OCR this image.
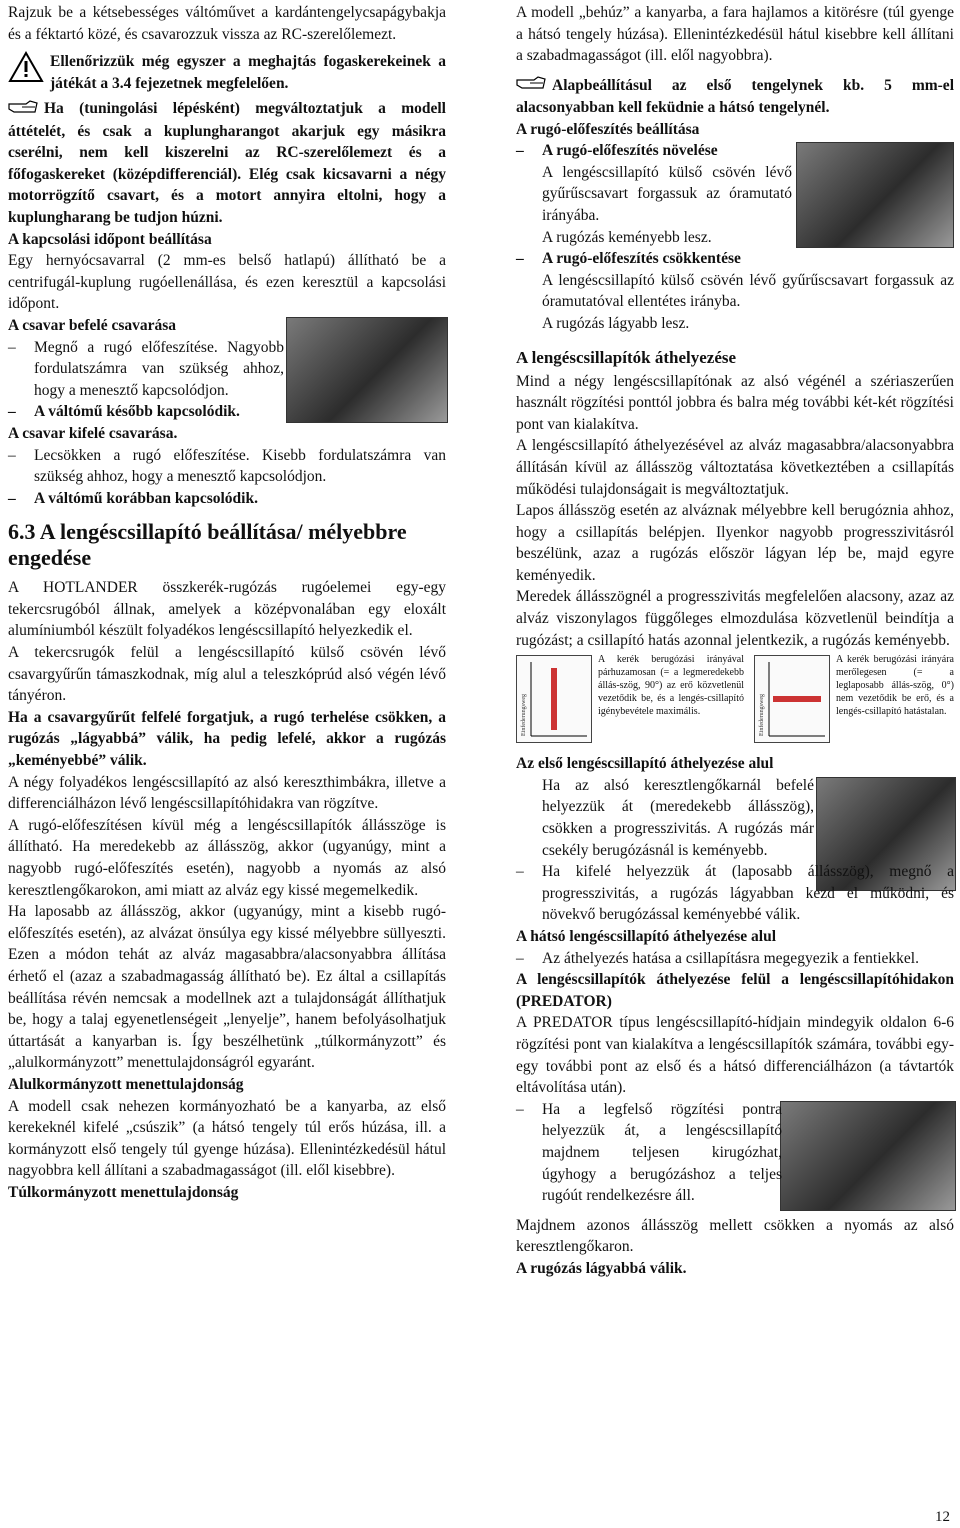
Rajzuk be a kétsebességes váltóművet a kardántengelycsapágybakja és a féktartó közé, és csavarozzuk vissza az RC-szerelőlemezt.

Ellenőrizzük még egyszer a meghajtás fogaskerekeinek a játékát a 3.4 fejezetnek megfelelően.

Ha (tuningolási lépésként) megváltoztatjuk a modell áttételét, és csak a kuplungharangot akarjuk egy másikra cserélni, nem kell kiszerelni az RC-szerelőlemezt és a főfogaskereket (középdifferenciál). Elég csak kicsavarni a négy motorrögzítő csavart, és a motort annyira eltolni, hogy a kuplungharang be tudjon húzni.

A kapcsolási időpont beállítása

Egy hernyócsavarral (2 mm-es belső hatlapú) állítható be a centrifugál-kuplung rugóellenállása, és ezen keresztül a kapcsolási időpont.

A csavar befelé csavarása

– Megnő a rugó előfeszítése. Nagyobb fordulatszámra van szükség ahhoz, hogy a menesztő kapcsolódjon.

– A váltómű később kapcsolódik.

A csavar kifelé csavarása.

– Lecsökken a rugó előfeszítése. Kisebb fordulatszámra van szükség ahhoz, hogy a menesztő kapcsolódjon.

– A váltómű korábban kapcsolódik.

6.3 A lengéscsillapító beállítása/ mélyebbre engedése

A HOTLANDER összkerék-rugózás rugóelemei egy-egy tekercsrugóból állnak, amelyek a középvonalában egy eloxált alumíniumból készült folyadékos lengéscsillapító helyezkedik el.

A tekercsrugók felül a lengéscsillapító külső csövén lévő csavargyűrűn támaszkodnak, míg alul a teleszkóprúd alsó végén lévő tányéron.

Ha a csavargyűrűt felfelé forgatjuk, a rugó terhelése csökken, a rugózás „lágyabbá” válik, ha pedig lefelé, akkor a rugózás „keményebbé” válik.

A négy folyadékos lengéscsillapító az alsó kereszthimbákra, illetve a differenciálházon lévő lengéscsillapítóhidakra van rögzítve.

A rugó-előfeszítésen kívül még a lengéscsillapítók állásszöge is állítható. Ha meredekebb az állásszög, akkor (ugyanúgy, mint a nagyobb rugó-előfeszítés esetén), nagyobb a nyomás az alsó keresztlengőkarokon, ami miatt az alváz egy kissé megemelkedik.

Ha laposabb az állásszög, akkor (ugyanúgy, mint a kisebb rugó-előfeszítés esetén), az alvázat önsúlya egy kissé mélyebbre süllyeszti. Ezen a módon tehát az alváz magasabbra/alacsonyabbra állítása érhető el (azaz a szabadmagasság állítható be). Ez által a csillapítás beállítása révén nemcsak a modellnek azt a tulajdonságát állíthatjuk be, hogy a talaj egyenetlenségeit „lenyelje”, hanem befolyásolhatjuk úttartását a kanyarban is. Így beszélhetünk „túlkormányzott” és „alulkormányzott” menettulajdonságról egyaránt.

Alulkormányzott menettulajdonság

A modell csak nehezen kormányozható be a kanyarba, az első kerekeknél kifelé „csúszik” (a hátsó tengely túl erős húzása, ill. a kormányzott első tengely túl gyenge húzása). Ellenintézkedésül hátul nagyobbra kell állítani a szabadmagasságot (ill. elől kisebbre).

Túlkormányzott menettulajdonság

A modell „behúz” a kanyarba, a fara hajlamos a kitörésre (túl gyenge a hátsó tengely húzása). Ellenintézkedésül hátul kisebbre kell állítani a szabadmagasságot (ill. elől nagyobbra).

Alapbeállításul az első tengelynek kb. 5 mm-el alacsonyabban kell feküdnie a hátsó tengelynél.

A rugó-előfeszítés beállítása

– A rugó-előfeszítés növelése

A lengéscsillapító külső csövén lévő gyűrűscsavart forgassuk az óramutató irányába.

A rugózás keményebb lesz.

– A rugó-előfeszítés csökkentése

A lengéscsillapító külső csövén lévő gyűrűscsavart forgassuk az óramutatóval ellentétes irányba.

A rugózás lágyabb lesz.

A lengéscsillapítók áthelyezése

Mind a négy lengéscsillapítónak az alsó végénél a szériaszerűen használt rögzítési ponttól jobbra és balra még további két-két rögzítési pont van kialakítva.

A lengéscsillapító áthelyezésével az alváz magasabbra/alacsonyabbra állításán kívül az állásszög változtatása következtében a csillapítás működési tulajdonságait is megváltoztatjuk.

Lapos állásszög esetén az alváznak mélyebbre kell berugóznia ahhoz, hogy a csillapítás belépjen. Ilyenkor nagyobb progresszivitásról beszélünk, azaz a rugózás először lágyan lép be, majd egyre keményedik.

Meredek állásszögnél a progresszivitás megfelelően alacsony, azaz az alváz viszonylagos függőleges elmozdulása közvetlenül beindítja a rugózást; a csillapító hatás azonnal jelentkezik, a rugózás keményebb.

Einfederungsweg
A kerék berugózási irányával párhuzamosan (= a legmeredekebb állás-szög, 90°) az erő közvetlenül vezetődik be, és a lengés-csillapító igénybevétele maximális.	Einfederungsweg
A kerék berugózási irányára merőlegesen (= a leglaposabb állás-szög, 0°) nem vezetődik be erő, és a lengés-csillapító hatástalan.

Az első lengéscsillapító áthelyezése alul

Ha az alsó keresztlengőkarnál befelé helyezzük át (meredekebb állásszög), csökken a progresszivitás. A rugózás már csekély berugózásnál is keményebb.

– Ha kifelé helyezzük át (laposabb állásszög), megnő a progresszivitás, a rugózás lágyabban kezd el működni, és növekvő berugózással keményebbé válik.

A hátsó lengéscsillapító áthelyezése alul

– Az áthelyezés hatása a csillapításra megegyezik a fentiekkel.

A lengéscsillapítók áthelyezése felül a lengéscsillapítóhidakon (PREDATOR)

A PREDATOR típus lengéscsillapító-hídjain mindegyik oldalon 6-6 rögzítési pont van kialakítva a lengéscsillapítók számára, további egy-egy további pont az első és a hátsó differenciálházon (a távtartók eltávolítása után).

– Ha a legfelső rögzítési pontra helyezzük át, a lengéscsillapító majdnem teljesen kirugózhat, úgyhogy a berugózáshoz a teljes rugóút rendelkezésre áll.

Majdnem azonos állásszög mellett csökken a nyomás az alsó keresztlengőkaron.

A rugózás lágyabbá válik.

12
